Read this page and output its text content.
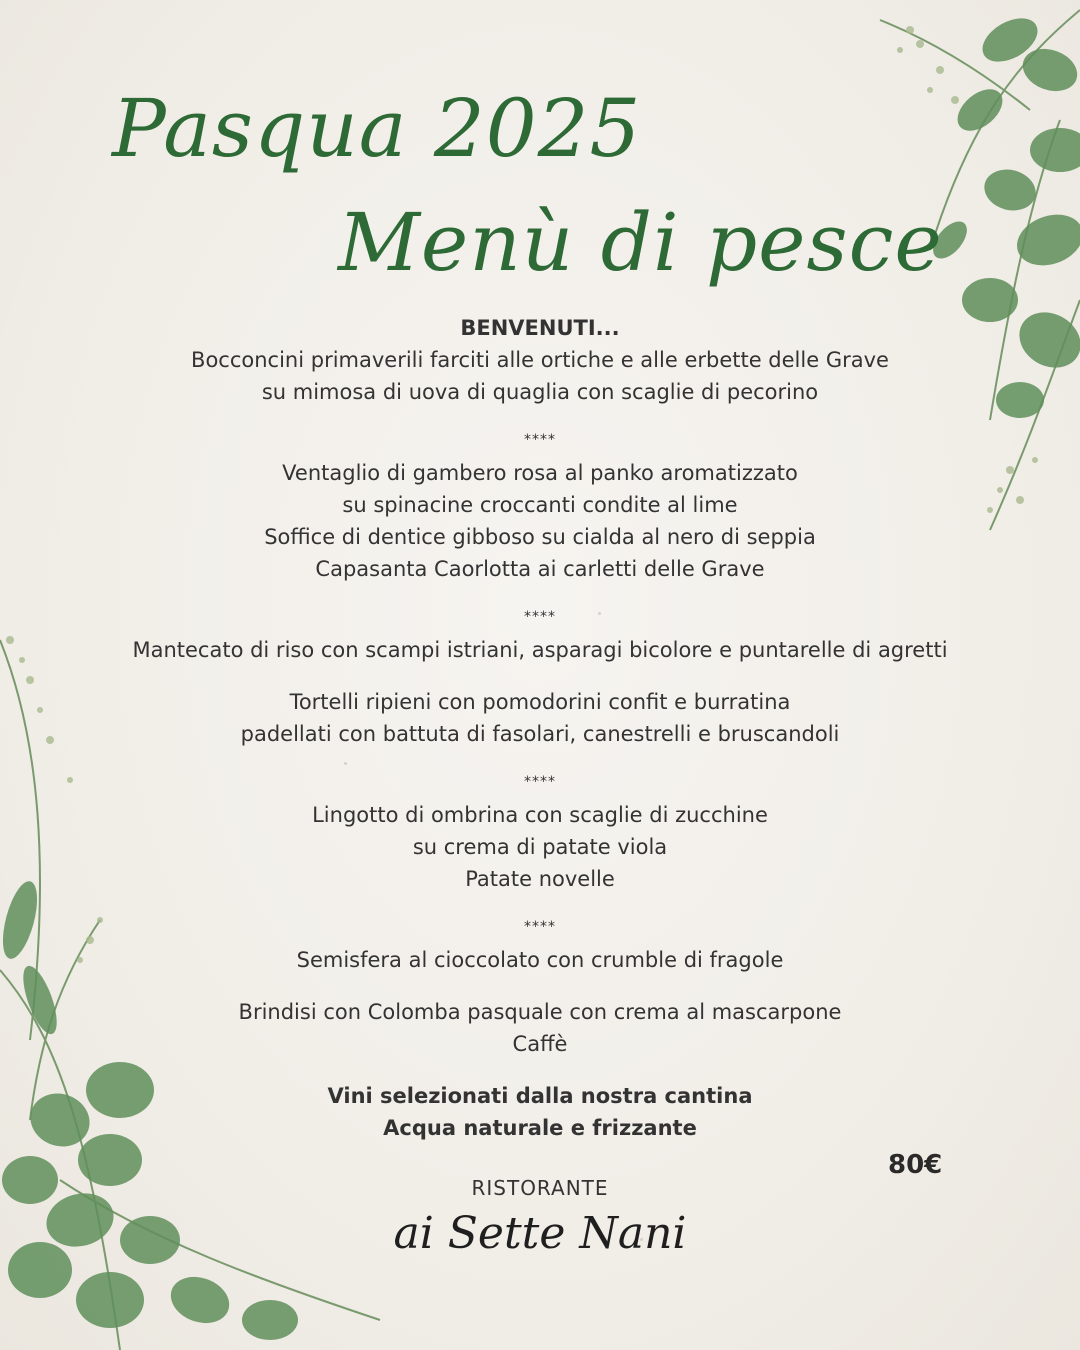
Pasqua 2025
Menù di pesce
BENVENUTI...
Bocconcini primaverili farciti alle ortiche e alle erbette delle Grave
su mimosa di uova di quaglia con scaglie di pecorino
****
Ventaglio di gambero rosa al panko aromatizzato
su spinacine croccanti condite al lime
Soffice di dentice gibboso su cialda al nero di seppia
Capasanta Caorlotta ai carletti delle Grave
****
Mantecato di riso con scampi istriani, asparagi bicolore e puntarelle di agretti
Tortelli ripieni con pomodorini confit e burratina
padellati con battuta di fasolari, canestrelli e bruscandoli
****
Lingotto di ombrina con scaglie di zucchine
su crema di patate viola
Patate novelle
****
Semisfera al cioccolato con crumble di fragole
Brindisi con Colomba pasquale con crema al mascarpone
Caffè
Vini selezionati dalla nostra cantina
Acqua naturale e frizzante
80€
RISTORANTE
ai Sette Nani
